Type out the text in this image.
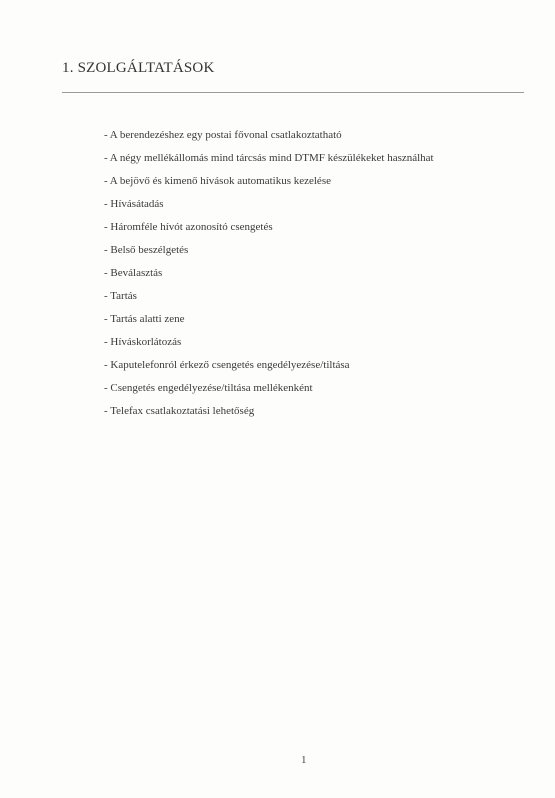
1. SZOLGÁLTATÁSOK
- A berendezéshez egy postai fővonal csatlakoztatható
- A négy mellékállomás mind tárcsás mind DTMF készülékeket használhat
- A bejövő és kimenő hívások automatikus kezelése
- Hívásátadás
- Háromféle hívót azonosító csengetés
- Belső beszélgetés
- Beválasztás
- Tartás
- Tartás alatti zene
- Híváskorlátozás
- Kaputelefonról érkező csengetés engedélyezése/tiltása
- Csengetés engedélyezése/tiltása mellékenként
- Telefax csatlakoztatási lehetőség
1
